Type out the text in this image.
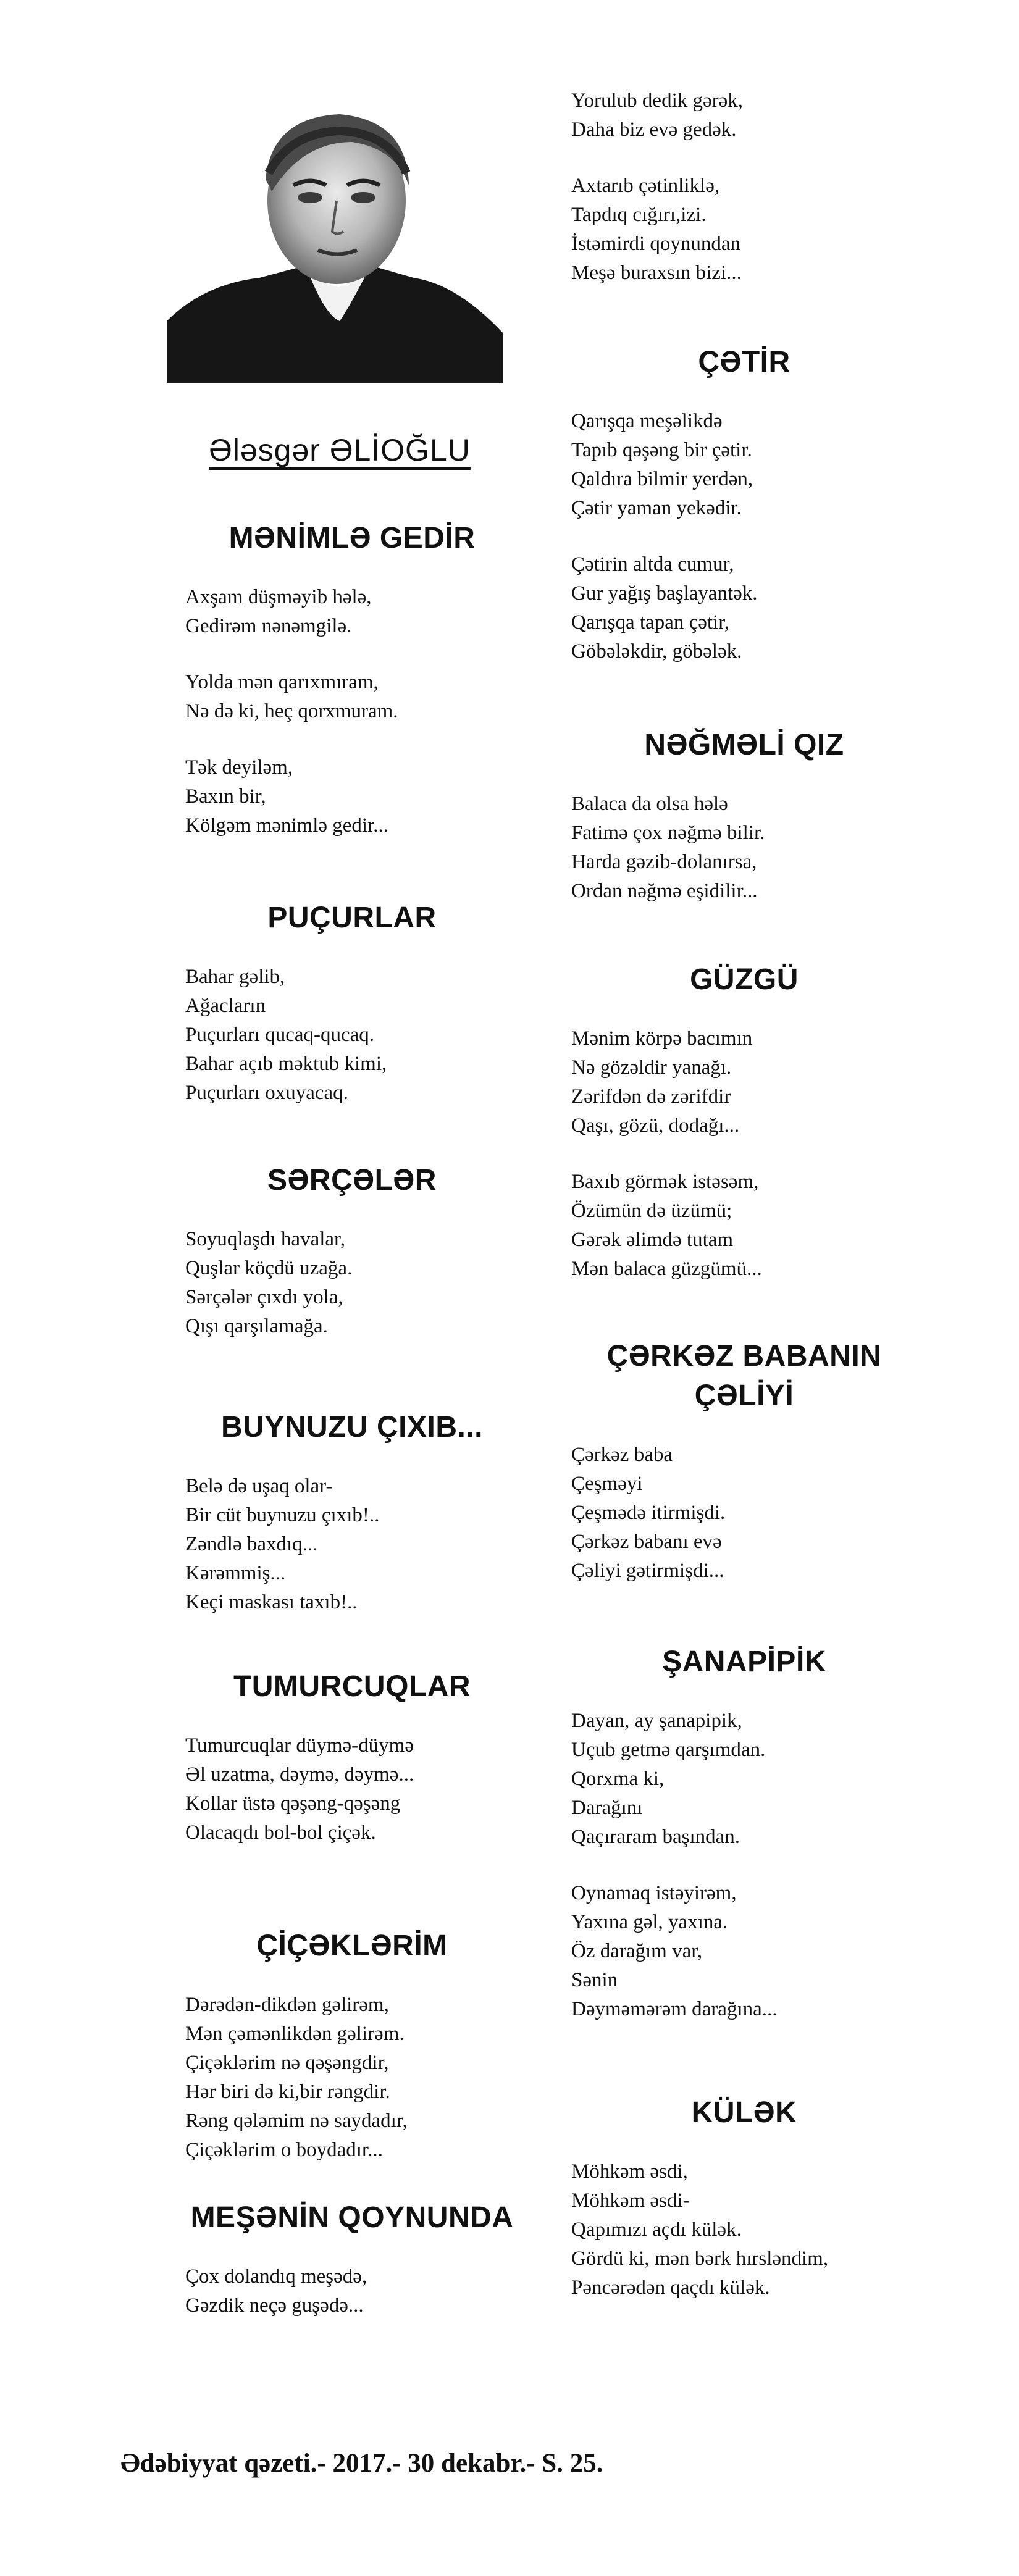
Ələsgər ƏLİOĞLU
MƏNİMLƏ GEDİR
Axşam düşməyib hələ,
Gedirəm nənəmgilə.
Yolda mən qarıxmıram,
Nə də ki, heç qorxmuram.
Tək deyiləm,
Baxın bir,
Kölgəm mənimlə gedir...
PUÇURLAR
Bahar gəlib,
Ağacların
Puçurları qucaq-qucaq.
Bahar açıb məktub kimi,
Puçurları oxuyacaq.
SƏRÇƏLƏR
Soyuqlaşdı havalar,
Quşlar köçdü uzağa.
Sərçələr çıxdı yola,
Qışı qarşılamağa.
BUYNUZU ÇIXIB...
Belə də uşaq olar-
Bir cüt buynuzu çıxıb!..
Zəndlə baxdıq...
Kərəmmiş...
Keçi maskası taxıb!..
TUMURCUQLAR
Tumurcuqlar düymə-düymə
Əl uzatma, dəymə, dəymə...
Kollar üstə qəşəng-qəşəng
Olacaqdı bol-bol çiçək.
ÇİÇƏKLƏRİM
Dərədən-dikdən gəlirəm,
Mən çəmənlikdən gəlirəm.
Çiçəklərim nə qəşəngdir,
Hər biri də ki,bir rəngdir.
Rəng qələmim nə saydadır,
Çiçəklərim o boydadır...
MEŞƏNİN QOYNUNDA
Çox dolandıq meşədə,
Gəzdik neçə guşədə...
Yorulub dedik gərək,
Daha biz evə gedək.
Axtarıb çətinliklə,
Tapdıq cığırı,izi.
İstəmirdi qoynundan
Meşə buraxsın bizi...
ÇƏTİR
Qarışqa meşəlikdə
Tapıb qəşəng bir çətir.
Qaldıra bilmir yerdən,
Çətir yaman yekədir.
Çətirin altda cumur,
Gur yağış başlayantək.
Qarışqa tapan çətir,
Göbələkdir, göbələk.
NƏĞMƏLİ QIZ
Balaca da olsa hələ
Fatimə çox nəğmə bilir.
Harda gəzib-dolanırsa,
Ordan nəğmə eşidilir...
GÜZGÜ
Mənim körpə bacımın
Nə gözəldir yanağı.
Zərifdən də zərifdir
Qaşı, gözü, dodağı...
Baxıb görmək istəsəm,
Özümün də üzümü;
Gərək əlimdə tutam
Mən balaca güzgümü...
ÇƏRKƏZ BABANIN
ÇƏLİYİ
Çərkəz baba
Çeşməyi
Çeşmədə itirmişdi.
Çərkəz babanı evə
Çəliyi gətirmişdi...
ŞANAPİPİK
Dayan, ay şanapipik,
Uçub getmə qarşımdan.
Qorxma ki,
Darağını
Qaçıraram başından.
Oynamaq istəyirəm,
Yaxına gəl, yaxına.
Öz darağım var,
Sənin
Dəyməmərəm darağına...
KÜLƏK
Möhkəm əsdi,
Möhkəm əsdi-
Qapımızı açdı külək.
Gördü ki, mən bərk hırsləndim,
Pəncərədən qaçdı külək.
Ədəbiyyat qəzeti.- 2017.- 30 dekabr.- S. 25.
